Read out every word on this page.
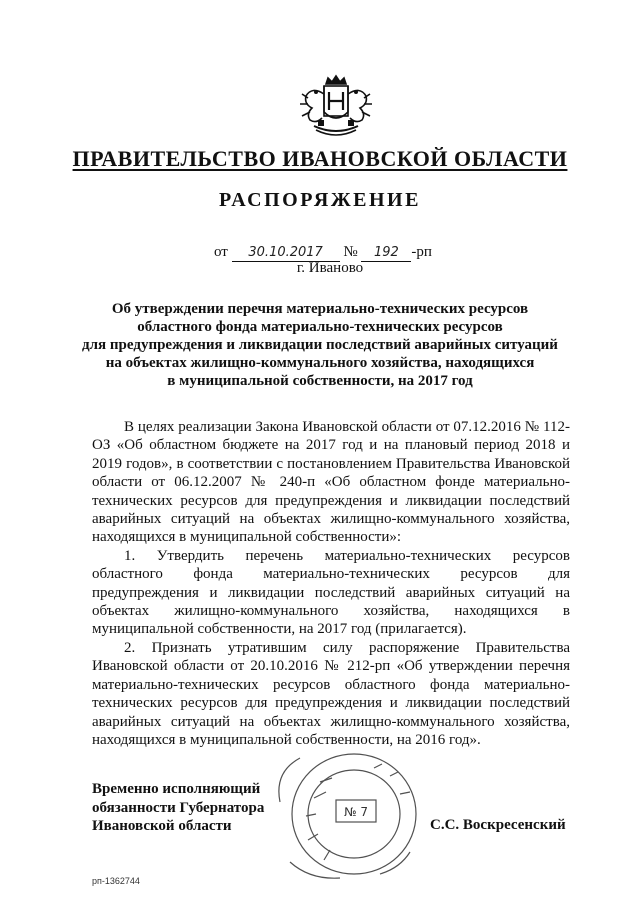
ПРАВИТЕЛЬСТВО ИВАНОВСКОЙ ОБЛАСТИ
РАСПОРЯЖЕНИЕ
от 30.10.2017 № 192 -рп
г. Иваново
Об утверждении перечня материально-технических ресурсов
областного фонда материально-технических ресурсов
для предупреждения и ликвидации последствий аварийных ситуаций
на объектах жилищно-коммунального хозяйства, находящихся
в муниципальной собственности, на 2017 год

В целях реализации Закона Ивановской области от 07.12.2016 № 112-ОЗ «Об областном бюджете на 2017 год и на плановый период 2018 и 2019 годов», в соответствии с постановлением Правительства Ивановской области от 06.12.2007 № 240-п «Об областном фонде материально-технических ресурсов для предупреждения и ликвидации последствий аварийных ситуаций на объектах жилищно-коммунального хозяйства, находящихся в муниципальной собственности»:

1. Утвердить перечень материально-технических ресурсов областного фонда материально-технических ресурсов для предупреждения и ликвидации последствий аварийных ситуаций на объектах жилищно-коммунального хозяйства, находящихся в муниципальной собственности, на 2017 год (прилагается).

2. Признать утратившим силу распоряжение Правительства Ивановской области от 20.10.2016 № 212-рп «Об утверждении перечня материально-технических ресурсов областного фонда материально-технических ресурсов для предупреждения и ликвидации последствий аварийных ситуаций на объектах жилищно-коммунального хозяйства, находящихся в муниципальной собственности, на 2016 год».

Временно исполняющий
обязанности Губернатора
Ивановской области
№ 7
С.С. Воскресенский
рп-1362744
